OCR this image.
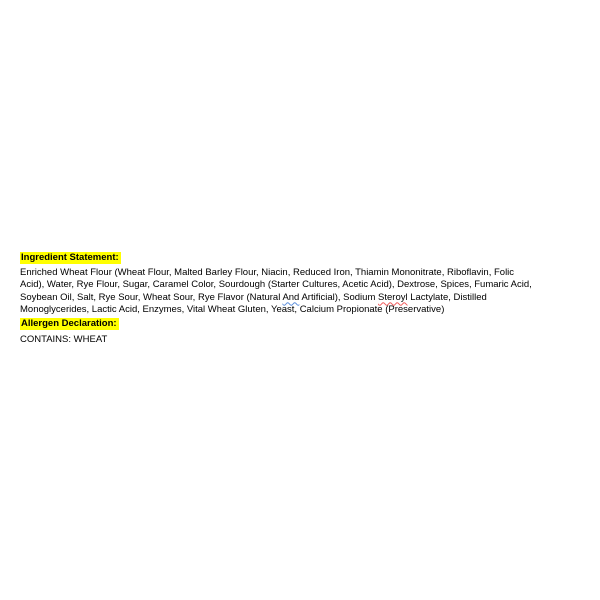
Ingredient Statement:
Enriched Wheat Flour (Wheat Flour, Malted Barley Flour, Niacin, Reduced Iron, Thiamin Mononitrate, Riboflavin, Folic
Acid), Water, Rye Flour, Sugar, Caramel Color, Sourdough (Starter Cultures, Acetic Acid), Dextrose, Spices, Fumaric Acid,
Soybean Oil, Salt, Rye Sour, Wheat Sour, Rye Flavor (Natural And Artificial), Sodium Steroyl Lactylate, Distilled
Monoglycerides, Lactic Acid, Enzymes, Vital Wheat Gluten, Yeast, Calcium Propionate (Preservative)
Allergen Declaration:
CONTAINS: WHEAT
